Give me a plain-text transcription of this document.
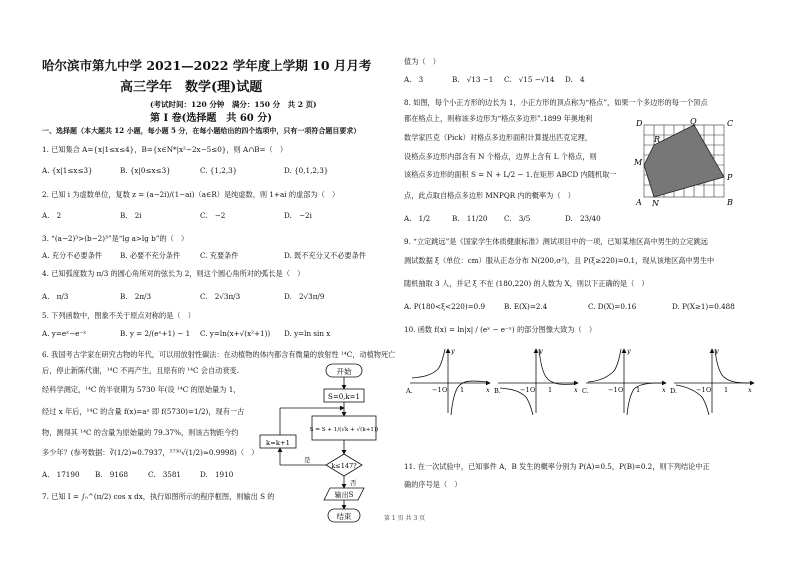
哈尔滨市第九中学 2021—2022 学年度上学期 10 月月考
高三学年　数学(理)试题
(考试时间：120 分钟　满分：150 分　共 2 页)
第 Ⅰ 卷(选择题　共 60 分)
一、选择题（本大题共 12 小题，每小题 5 分，在每小题给出的四个选项中，只有一项符合题目要求）
1. 已知集合 A={x|1≤x≤4}，B={x∈N*|x²−2x−5≤0}，则 A∩B=（　）
A. {x|1≤x≤3}	B. {x|0≤x≤3}	C. {1,2,3}	D. {0,1,2,3}
2. 已知 i 为虚数单位，复数 z = (a−2i)/(1−ai)（a∈R）是纯虚数，则 1+ai 的虚部为（　）
A.　2	B.　2i	C.　−2	D.　−2i
3. “(a−2)³>(b−2)³”是“lg a>lg b”的（　）
A. 充分不必要条件 B. 必要不充分条件	C. 充要条件	D. 既不充分又不必要条件
4. 已知弧度数为 π/3 的圆心角所对的弦长为 2，则这个圆心角所对的弧长是（　）
A.　π/3	B.　2π/3	C.　2√3π/3	D.　2√3π/9
5. 下列函数中，图象不关于原点对称的是（　）
A. y=eˣ−e⁻ˣ	B. y = 2/(eˣ+1) − 1 C. y=ln(x+√(x²+1)) D. y=ln sin x
6. 我国考古学家在研究古物的年代，可以用放射性碳法：在动植物的体内都含有微量的放射性 ¹⁴C，动植物死亡
后，停止新陈代谢，¹⁴C 不再产生，且原有的 ¹⁴C 会自动衰变.
经科学测定，¹⁴C 的半衰期为 5730 年(设 ¹⁴C 的原始量为 1，
经过 x 年后，¹⁴C 的含量 f(x)=aˣ 即 f(5730)=1/2)，现有一古
物，测得其 ¹⁴C 的含量为原始量的 79.37%，则该古物距今约
多少年？(参考数据：∛(1/2)≈0.7937，⁵⁷³⁰√(1/2)≈0.9998)（　）
A.　17190 B.　9168	C.　3581	D.　1910
7. 已知 I = ∫₀^(π/2) cos x dx，执行如图所示的程序框图，则输出 S 的
开始
S=0,k=1
S = S + 1/(√k + √(k+1))
k≤147?
是
否
k=k+1
输出S
结束	第 1 页 共 3 页
值为（　）
A.　3	B.　√13 −1 C.　√15 −√14 D.　4
8. 如图，每个小正方形的边长为 1，小正方形的顶点称为“格点”，如果一个多边形的每一个顶点
都在格点上，则称该多边形为“格点多边形”.1899 年奥地利
数学家匹克（Pick）对格点多边形面积计算提出匹克定理，
设格点多边形内部含有 N 个格点，边界上含有 L 个格点，则
该格点多边形的面积 S = N + L/2 − 1.在矩形 ABCD 内随机取一
点，此点取自格点多边形 MNPQR 内的概率为（　）
A.　1/2	B.　11/20 C.　3/5	D.　23/40
D	Q	C
R
M
P
A N	B
9. “立定跳远”是《国家学生体质健康标准》测试项目中的一项，已知某地区高中男生的立定跳远
测试数据 ξ（单位：cm）服从正态分布 N(200,σ²)，且 P(ξ≥220)=0.1，现从该地区高中男生中
随机抽取 3 人，并记 ξ 不在 (180,220) 的人数为 X，则以下正确的是（　）
A. P(180<ξ<220)=0.9	B. E(X)=2.4	C. D(X)=0.16	D. P(X≥1)=0.488
10. 函数 f(x) = ln|x| / (eˣ − e⁻ˣ) 的部分图像大致为（　）
A.	−1 O 1	x
y
B.	−1 O 1	x
y
C.	−1 O 1	x
y
D.	−1 O 1	x
y
11. 在一次试验中，已知事件 A，B 发生的概率分别为 P(A)=0.5，P(B)=0.2，则下列结论中正
确的序号是（　）
